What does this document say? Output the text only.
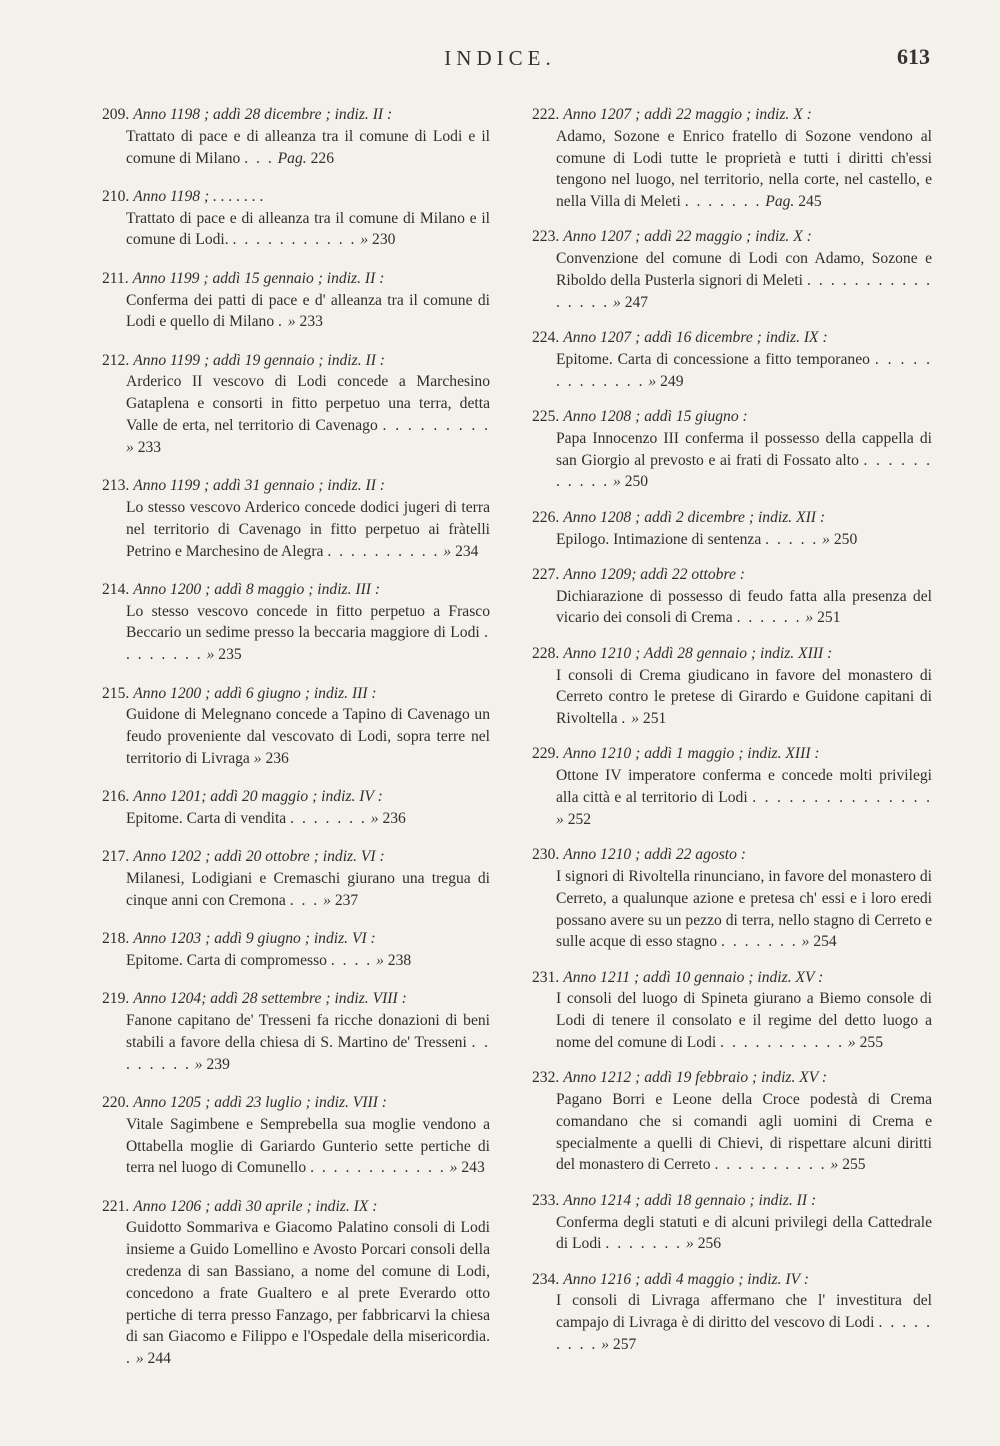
INDICE.	613
209. Anno 1198 ; addì 28 dicembre ; indiz. II :
Trattato di pace e di alleanza tra il comune di Lodi e il comune di Milano . . . Pag. 226
210. Anno 1198 ; . . . . . . .
Trattato di pace e di alleanza tra il comune di Milano e il comune di Lodi. . . . . . . . . . . . » 230
211. Anno 1199 ; addì 15 gennaio ; indiz. II :
Conferma dei patti di pace e d' alleanza tra il comune di Lodi e quello di Milano . » 233
212. Anno 1199 ; addì 19 gennaio ; indiz. II :
Arderico II vescovo di Lodi concede a Marchesino Gataplena e consorti in fitto perpetuo una terra, detta Valle de erta, nel territorio di Cavenago . . . . . . . . . » 233
213. Anno 1199 ; addì 31 gennaio ; indiz. II :
Lo stesso vescovo Arderico concede dodici jugeri di terra nel territorio di Cavenago in fitto perpetuo ai fràtelli Petrino e Marchesino de Alegra . . . . . . . . . . » 234
214. Anno 1200 ; addì 8 maggio ; indiz. III :
Lo stesso vescovo concede in fitto perpetuo a Frasco Beccario un sedime presso la beccaria maggiore di Lodi . . . . . . . . » 235
215. Anno 1200 ; addì 6 giugno ; indiz. III :
Guidone di Melegnano concede a Tapino di Cavenago un feudo proveniente dal vescovato di Lodi, sopra terre nel territorio di Livraga » 236
216. Anno 1201; addì 20 maggio ; indiz. IV :
Epitome. Carta di vendita . . . . . . . » 236
217. Anno 1202 ; addì 20 ottobre ; indiz. VI :
Milanesi, Lodigiani e Cremaschi giurano una tregua di cinque anni con Cremona . . . » 237
218. Anno 1203 ; addì 9 giugno ; indiz. VI :
Epitome. Carta di compromesso . . . . » 238
219. Anno 1204; addì 28 settembre ; indiz. VIII :
Fanone capitano de' Tresseni fa ricche donazioni di beni stabili a favore della chiesa di S. Martino de' Tresseni . . . . . . . . » 239
220. Anno 1205 ; addì 23 luglio ; indiz. VIII :
Vitale Sagimbene e Semprebella sua moglie vendono a Ottabella moglie di Gariardo Gunterio sette pertiche di terra nel luogo di Comunello . . . . . . . . . . . . » 243
221. Anno 1206 ; addì 30 aprile ; indiz. IX :
Guidotto Sommariva e Giacomo Palatino consoli di Lodi insieme a Guido Lomellino e Avosto Porcari consoli della credenza di san Bassiano, a nome del comune di Lodi, concedono a frate Gualtero e al prete Everardo otto pertiche di terra presso Fanzago, per fabbricarvi la chiesa di san Giacomo e Filippo e l'Ospedale della misericordia. . » 244
222. Anno 1207 ; addì 22 maggio ; indiz. X :
Adamo, Sozone e Enrico fratello di Sozone vendono al comune di Lodi tutte le proprietà e tutti i diritti ch'essi tengono nel luogo, nel territorio, nella corte, nel castello, e nella Villa di Meleti . . . . . . . Pag. 245
223. Anno 1207 ; addì 22 maggio ; indiz. X :
Convenzione del comune di Lodi con Adamo, Sozone e Riboldo della Pusterla signori di Meleti . . . . . . . . . . . . . . . . » 247
224. Anno 1207 ; addì 16 dicembre ; indiz. IX :
Epitome. Carta di concessione a fitto temporaneo . . . . . . . . . . . . . » 249
225. Anno 1208 ; addì 15 giugno :
Papa Innocenzo III conferma il possesso della cappella di san Giorgio al prevosto e ai frati di Fossato alto . . . . . . . . . . . » 250
226. Anno 1208 ; addì 2 dicembre ; indiz. XII :
Epilogo. Intimazione di sentenza . . . . . » 250
227. Anno 1209; addì 22 ottobre :
Dichiarazione di possesso di feudo fatta alla presenza del vicario dei consoli di Crema . . . . . . » 251
228. Anno 1210 ; Addì 28 gennaio ; indiz. XIII :
I consoli di Crema giudicano in favore del monastero di Cerreto contro le pretese di Girardo e Guidone capitani di Rivoltella . » 251
229. Anno 1210 ; addì 1 maggio ; indiz. XIII :
Ottone IV imperatore conferma e concede molti privilegi alla città e al territorio di Lodi . . . . . . . . . . . . . . . » 252
230. Anno 1210 ; addì 22 agosto :
I signori di Rivoltella rinunciano, in favore del monastero di Cerreto, a qualunque azione e pretesa ch' essi e i loro eredi possano avere su un pezzo di terra, nello stagno di Cerreto e sulle acque di esso stagno . . . . . . . » 254
231. Anno 1211 ; addì 10 gennaio ; indiz. XV :
I consoli del luogo di Spineta giurano a Biemo console di Lodi di tenere il consolato e il regime del detto luogo a nome del comune di Lodi . . . . . . . . . . . » 255
232. Anno 1212 ; addì 19 febbraio ; indiz. XV :
Pagano Borri e Leone della Croce podestà di Crema comandano che si comandi agli uomini di Crema e specialmente a quelli di Chievi, di rispettare alcuni diritti del monastero di Cerreto . . . . . . . . . . » 255
233. Anno 1214 ; addì 18 gennaio ; indiz. II :
Conferma degli statuti e di alcuni privilegi della Cattedrale di Lodi . . . . . . . » 256
234. Anno 1216 ; addì 4 maggio ; indiz. IV :
I consoli di Livraga affermano che l' investitura del campajo di Livraga è di diritto del vescovo di Lodi . . . . . . . . . » 257
